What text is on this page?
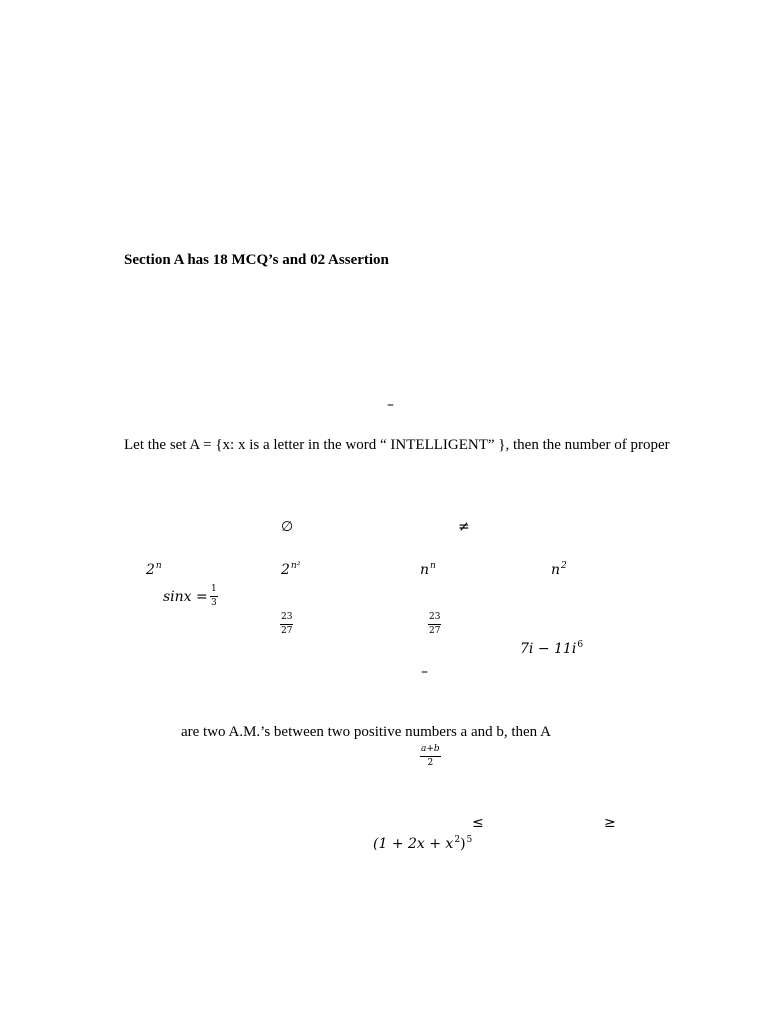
Section A has 18 MCQ’s and 02 Assertion
–
Let the set A = {x: x is a letter in the word “ INTELLIGENT” }, then the number of proper
∅	≠
$2^n$	$2^{n^2}$	$n^n$	$n^2$
$\sin x = \frac{1}{3}$
$\frac{23}{27}$	$\frac{23}{27}$
$7i - 11i^6$
–
are two A.M.’s between two positive numbers a and b, then A
$\frac{a+b}{2}$
≤	≥
$(1 + 2x + x^2)^5$
